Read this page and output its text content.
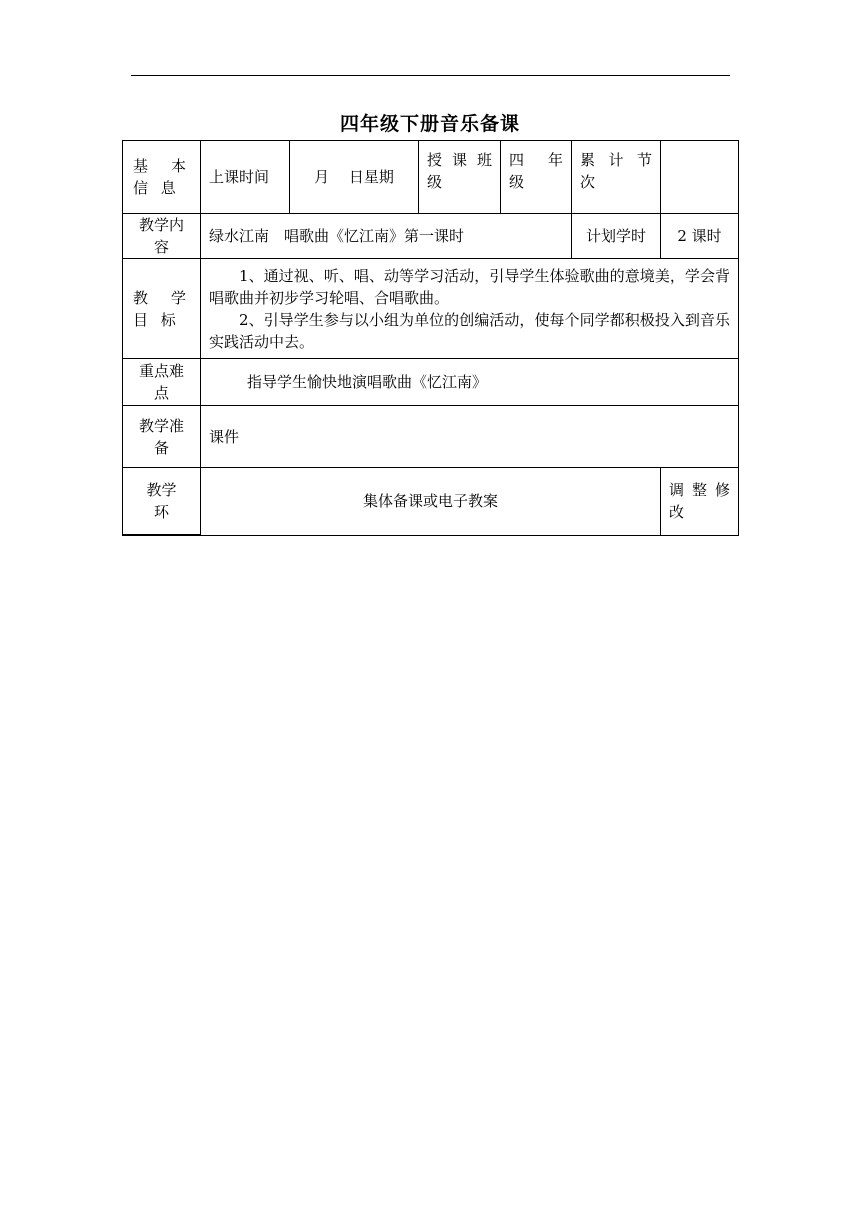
四年级下册音乐备课
基 本 信 息	上课时间	月　 日星期	授 课 班 级	四 年 级	累 计 节 次	
教学内容	绿水江南　唱歌曲《忆江南》第一课时				计划学时	2 课时
教 学 目 标	1、通过视、听、唱、动等学习活动，引导学生体验歌曲的意境美，学会背唱歌曲并初步学习轮唱、合唱歌曲。

2、引导学生参与以小组为单位的创编活动，使每个同学都积极投入到音乐实践活动中去。					

重点难点	指导学生愉快地演唱歌曲《忆江南》					
教学准备	课件					
教学环	集体备课或电子教案					调 整 修 改
